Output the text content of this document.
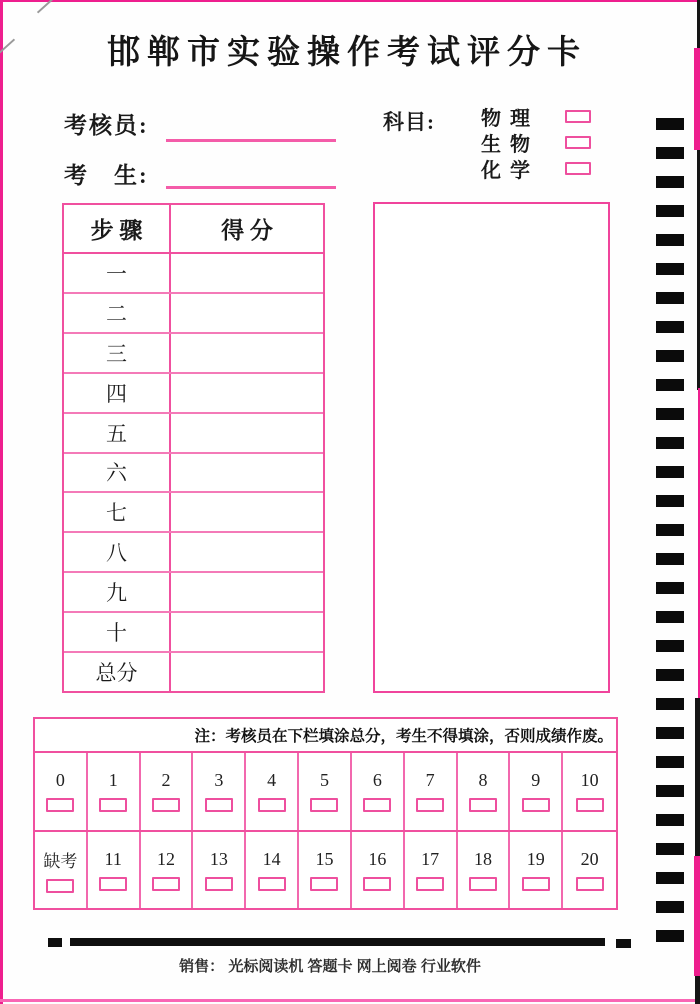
邯郸市实验操作考试评分卡
考核员:
考　生:
科目: 物 理
生 物
化 学
步 骤	得 分
一
二
三
四
五
六
七
八
九
十
总分
注：考核员在下栏填涂总分，考生不得填涂，否则成绩作废。
0 1 2 3 4 5 6 7 8 9 10
缺考 11 12 13 14 15 16 17 18 19 20
销售： 光标阅读机 答题卡 网上阅卷 行业软件
